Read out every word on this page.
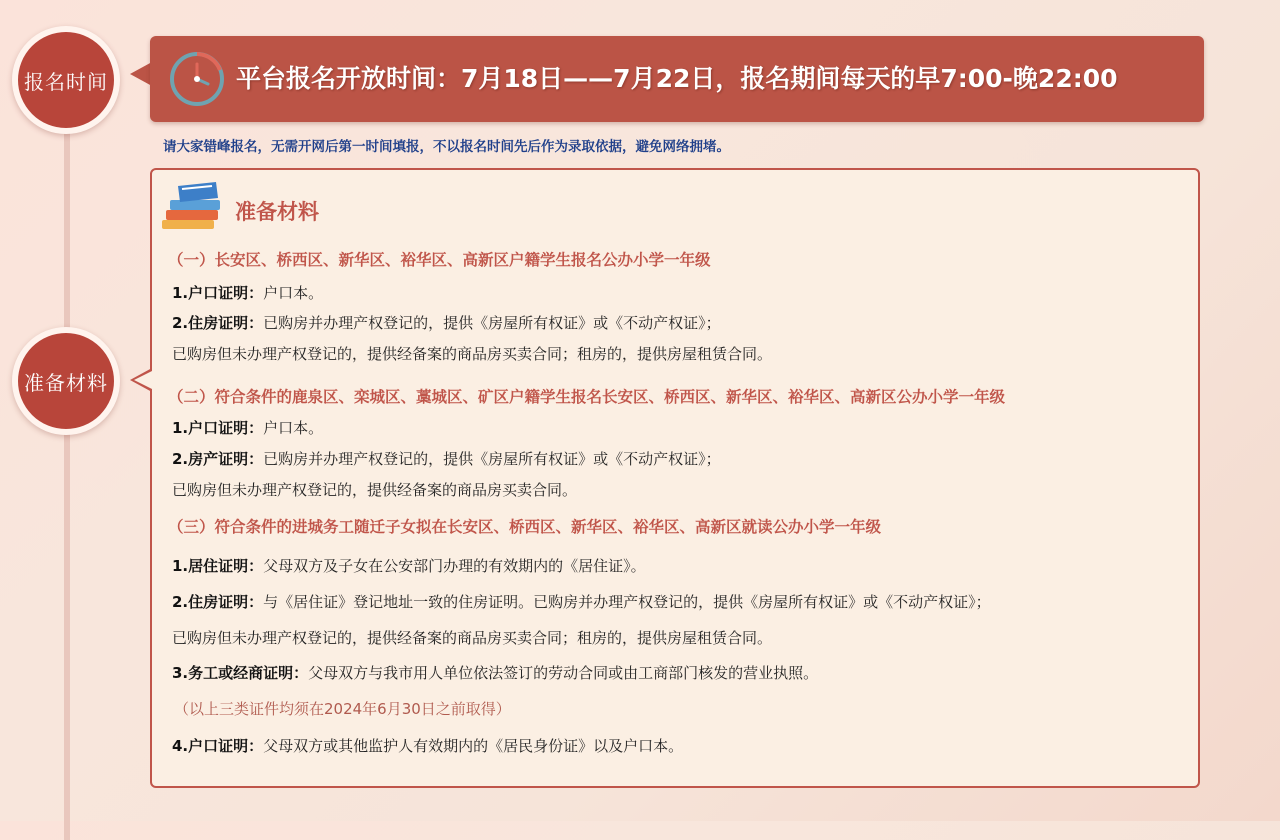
报名时间
准备材料
平台报名开放时间：7月18日——7月22日，报名期间每天的早7:00-晚22:00
请大家错峰报名，无需开网后第一时间填报，不以报名时间先后作为录取依据，避免网络拥堵。
准备材料
（一）长安区、桥西区、新华区、裕华区、高新区户籍学生报名公办小学一年级
1.户口证明：户口本。
2.住房证明：已购房并办理产权登记的，提供《房屋所有权证》或《不动产权证》；
已购房但未办理产权登记的，提供经备案的商品房买卖合同；租房的，提供房屋租赁合同。
（二）符合条件的鹿泉区、栾城区、藁城区、矿区户籍学生报名长安区、桥西区、新华区、裕华区、高新区公办小学一年级
1.户口证明：户口本。
2.房产证明：已购房并办理产权登记的，提供《房屋所有权证》或《不动产权证》；
已购房但未办理产权登记的，提供经备案的商品房买卖合同。
（三）符合条件的进城务工随迁子女拟在长安区、桥西区、新华区、裕华区、高新区就读公办小学一年级
1.居住证明：父母双方及子女在公安部门办理的有效期内的《居住证》。
2.住房证明：与《居住证》登记地址一致的住房证明。已购房并办理产权登记的，提供《房屋所有权证》或《不动产权证》；
已购房但未办理产权登记的，提供经备案的商品房买卖合同；租房的，提供房屋租赁合同。
3.务工或经商证明：父母双方与我市用人单位依法签订的劳动合同或由工商部门核发的营业执照。
（以上三类证件均须在2024年6月30日之前取得）
4.户口证明：父母双方或其他监护人有效期内的《居民身份证》以及户口本。
